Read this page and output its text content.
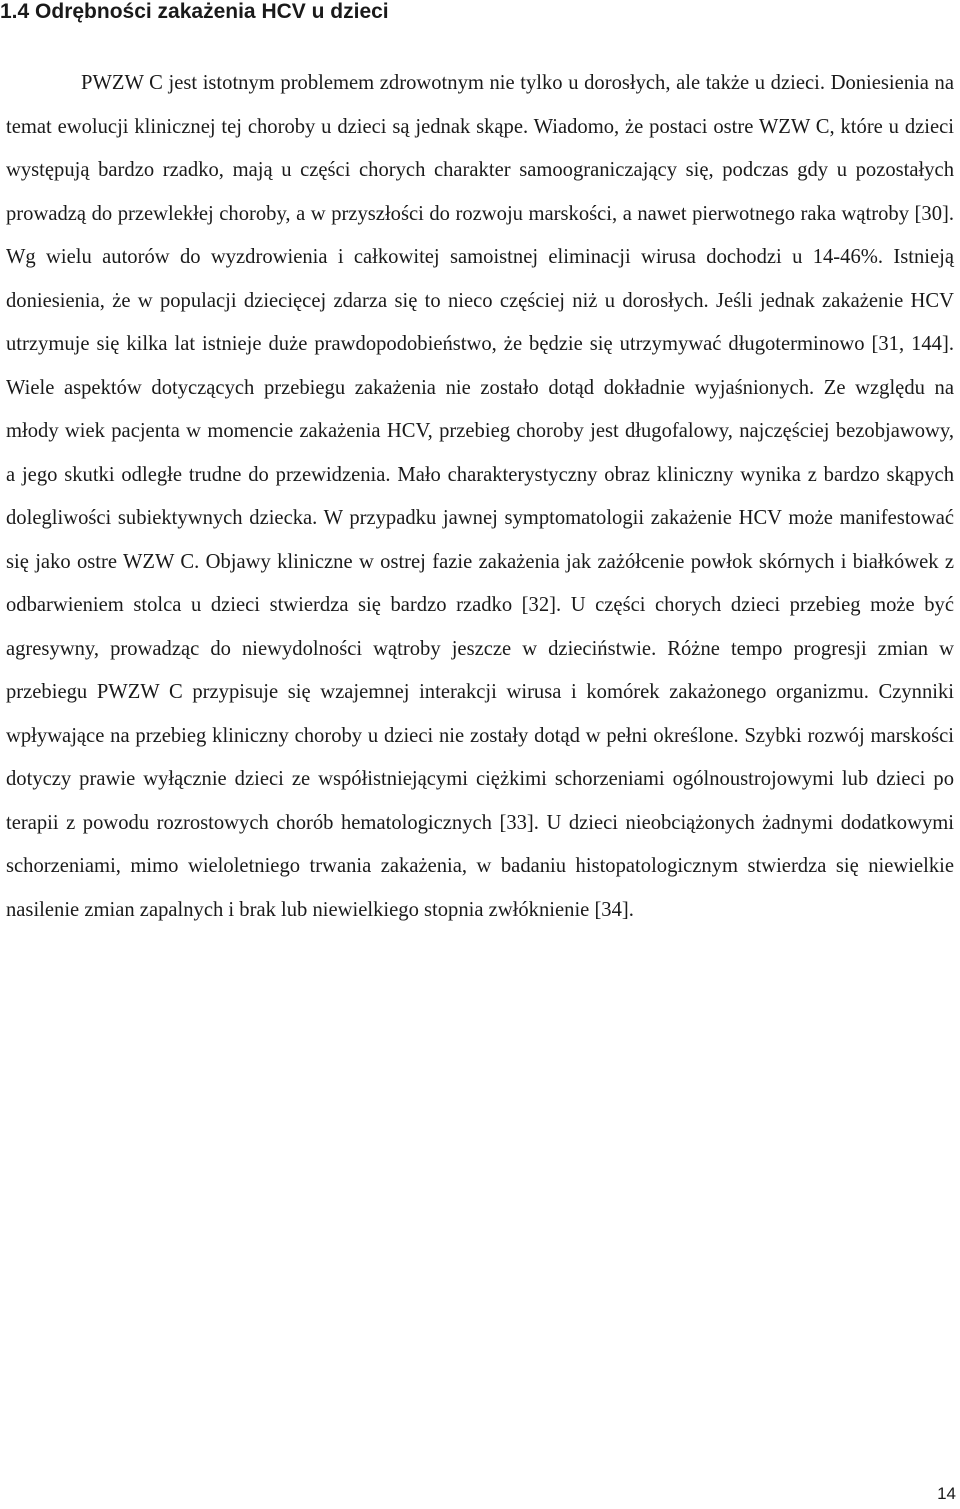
1.4 Odrębności zakażenia HCV u dzieci

PWZW C jest istotnym problemem zdrowotnym nie tylko u dorosłych, ale także u dzieci. Doniesienia na temat ewolucji klinicznej tej choroby u dzieci są jednak skąpe. Wiadomo, że postaci ostre WZW C, które u dzieci występują bardzo rzadko, mają u części chorych charakter samoograniczający się, podczas gdy u pozostałych prowadzą do przewlekłej choroby, a w przyszłości do rozwoju marskości, a nawet pierwotnego raka wątroby [30]. Wg wielu autorów do wyzdrowienia i całkowitej samoistnej eliminacji wirusa dochodzi u 14-46%. Istnieją doniesienia, że w populacji dziecięcej zdarza się to nieco częściej niż u dorosłych. Jeśli jednak zakażenie HCV utrzymuje się kilka lat istnieje duże prawdopodobieństwo, że będzie się utrzymywać długoterminowo [31, 144]. Wiele aspektów dotyczących przebiegu zakażenia nie zostało dotąd dokładnie wyjaśnionych. Ze względu na młody wiek pacjenta w momencie zakażenia HCV, przebieg choroby jest długofalowy, najczęściej bezobjawowy, a jego skutki odległe trudne do przewidzenia. Mało charakterystyczny obraz kliniczny wynika z bardzo skąpych dolegliwości subiektywnych dziecka. W przypadku jawnej symptomatologii zakażenie HCV może manifestować się jako ostre WZW C. Objawy kliniczne w ostrej fazie zakażenia jak zażółcenie powłok skórnych i białkówek z odbarwieniem stolca u dzieci stwierdza się bardzo rzadko [32]. U części chorych dzieci przebieg może być agresywny, prowadząc do niewydolności wątroby jeszcze w dzieciństwie. Różne tempo progresji zmian w przebiegu PWZW C przypisuje się wzajemnej interakcji wirusa i komórek zakażonego organizmu. Czynniki wpływające na przebieg kliniczny choroby u dzieci nie zostały dotąd w pełni określone. Szybki rozwój marskości dotyczy prawie wyłącznie dzieci ze współistniejącymi ciężkimi schorzeniami ogólnoustrojowymi lub dzieci po terapii z powodu rozrostowych chorób hematologicznych [33]. U dzieci nieobciążonych żadnymi dodatkowymi schorzeniami, mimo wieloletniego trwania zakażenia, w badaniu histopatologicznym stwierdza się niewielkie nasilenie zmian zapalnych i brak lub niewielkiego stopnia zwłóknienie [34].

14
